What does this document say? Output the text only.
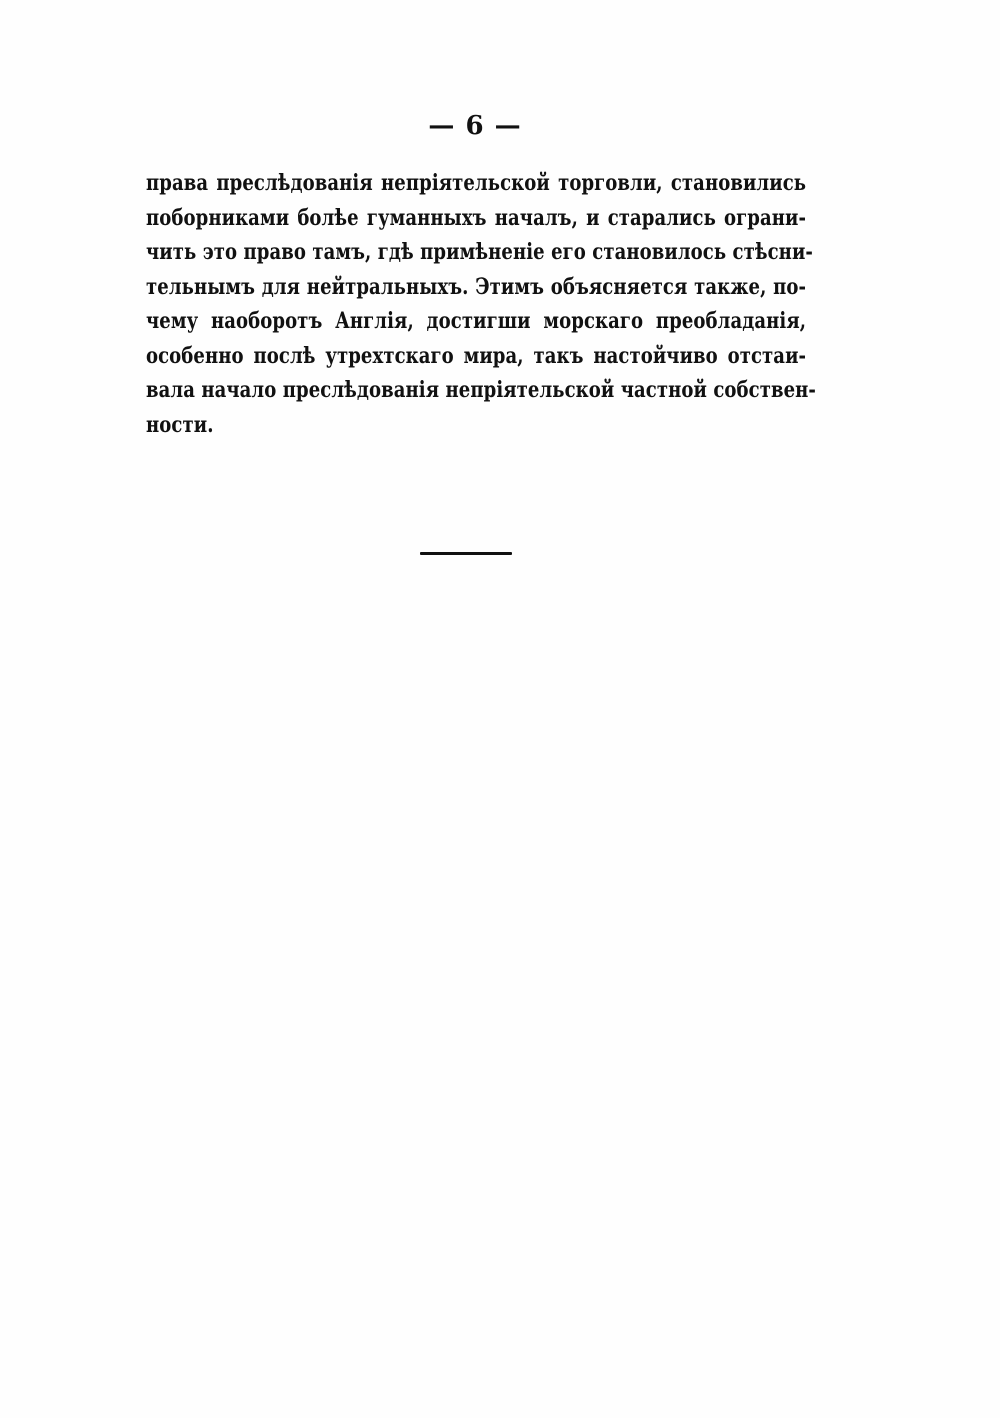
— 6 —
права преслѣдованія непріятельской торговли, становились
поборниками болѣе гуманныхъ началъ, и старались ограни-
чить это право тамъ, гдѣ примѣненіе его становилось стѣсни-
тельнымъ для нейтральныхъ. Этимъ объясняется также, по-
чему наоборотъ Англія, достигши морскаго преобладанія,
особенно послѣ утрехтскаго мира, такъ настойчиво отстаи-
вала начало преслѣдованія непріятельской частной собствен-
ности.
